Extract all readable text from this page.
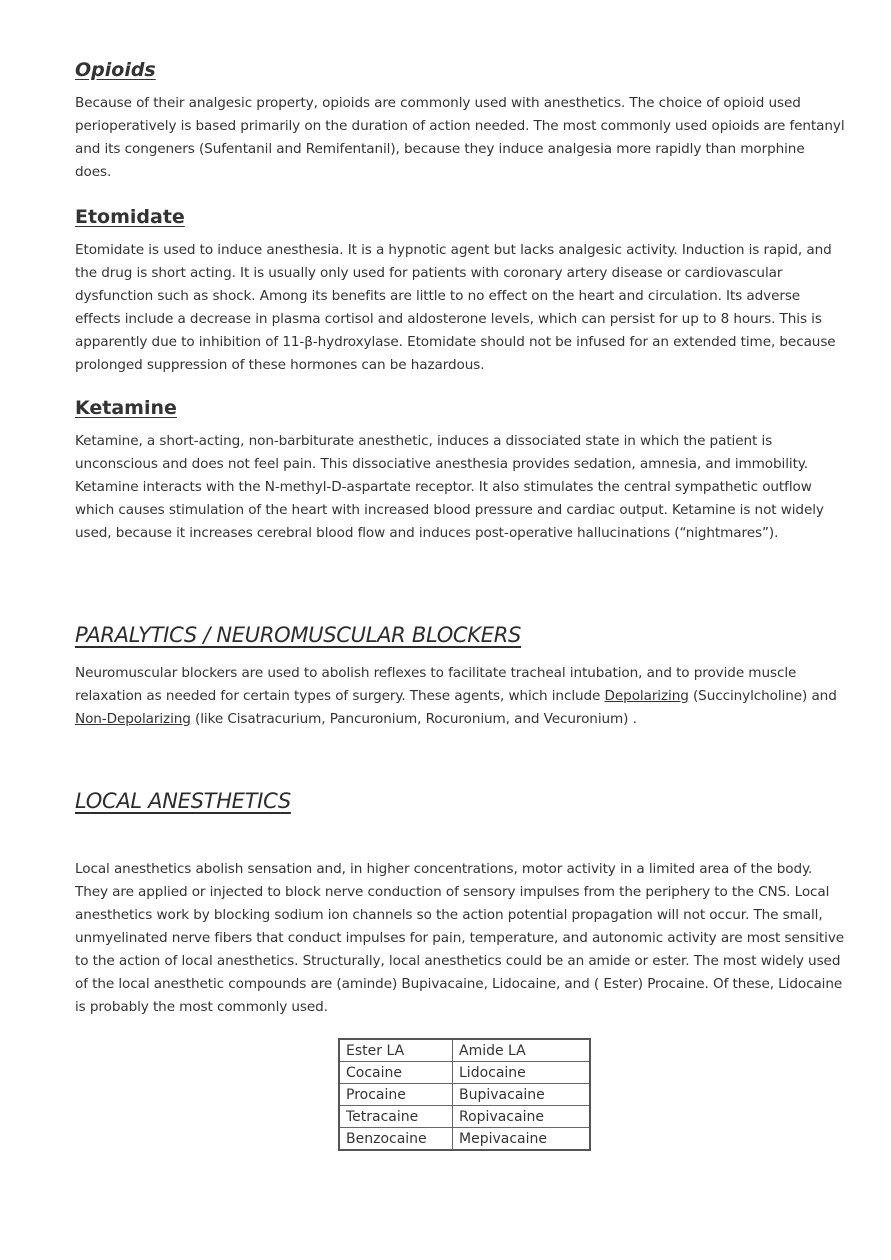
Opioids

Because of their analgesic property, opioids are commonly used with anesthetics. The choice of opioid used perioperatively is based primarily on the duration of action needed. The most commonly used opioids are fentanyl and its congeners (Sufentanil and Remifentanil), because they induce analgesia more rapidly than morphine does.

Etomidate

Etomidate is used to induce anesthesia. It is a hypnotic agent but lacks analgesic activity. Induction is rapid, and the drug is short acting. It is usually only used for patients with coronary artery disease or cardiovascular dysfunction such as shock. Among its benefits are little to no effect on the heart and circulation. Its adverse effects include a decrease in plasma cortisol and aldosterone levels, which can persist for up to 8 hours. This is apparently due to inhibition of 11-β-hydroxylase. Etomidate should not be infused for an extended time, because prolonged suppression of these hormones can be hazardous.

Ketamine

Ketamine, a short-acting, non-barbiturate anesthetic, induces a dissociated state in which the patient is unconscious and does not feel pain. This dissociative anesthesia provides sedation, amnesia, and immobility. Ketamine interacts with the N-methyl-D-aspartate receptor. It also stimulates the central sympathetic outflow which causes stimulation of the heart with increased blood pressure and cardiac output. Ketamine is not widely used, because it increases cerebral blood flow and induces post-operative hallucinations (“nightmares”).

PARALYTICS / NEUROMUSCULAR BLOCKERS

Neuromuscular blockers are used to abolish reflexes to facilitate tracheal intubation, and to provide muscle relaxation as needed for certain types of surgery. These agents, which include Depolarizing (Succinylcholine) and Non-Depolarizing (like Cisatracurium, Pancuronium, Rocuronium, and Vecuronium) .

LOCAL ANESTHETICS

Local anesthetics abolish sensation and, in higher concentrations, motor activity in a limited area of the body. They are applied or injected to block nerve conduction of sensory impulses from the periphery to the CNS. Local anesthetics work by blocking sodium ion channels so the action potential propagation will not occur. The small, unmyelinated nerve fibers that conduct impulses for pain, temperature, and autonomic activity are most sensitive to the action of local anesthetics. Structurally, local anesthetics could be an amide or ester. The most widely used of the local anesthetic compounds are (aminde) Bupivacaine, Lidocaine, and ( Ester) Procaine. Of these, Lidocaine is probably the most commonly used.

Ester LA	Amide LA
Cocaine	Lidocaine
Procaine	Bupivacaine
Tetracaine	Ropivacaine
Benzocaine	Mepivacaine
